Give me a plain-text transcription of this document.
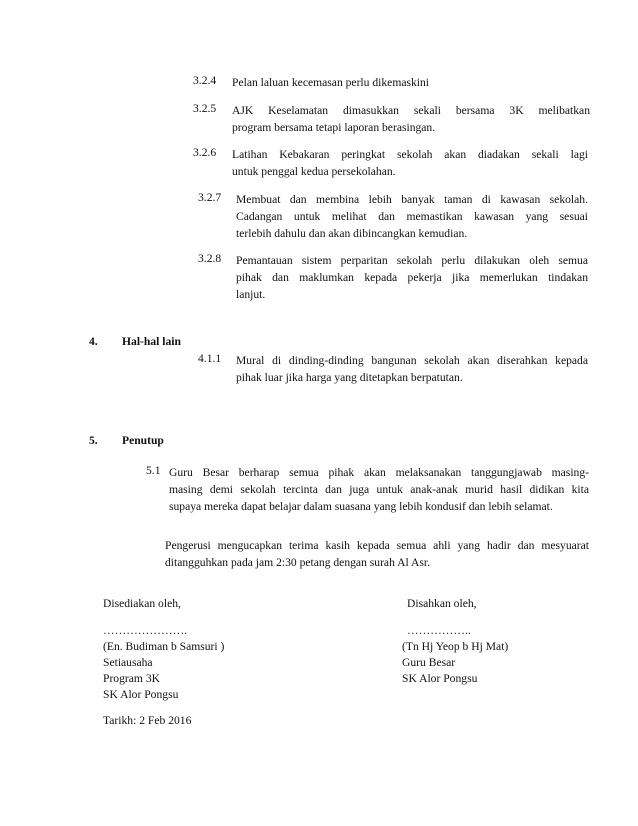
3.2.4 Pelan laluan kecemasan perlu dikemaskini
3.2.5 AJK Keselamatan dimasukkan sekali bersama 3K melibatkan
program bersama tetapi laporan berasingan.
3.2.6 Latihan Kebakaran peringkat sekolah akan diadakan sekali lagi
untuk penggal kedua persekolahan.
3.2.7 Membuat dan membina lebih banyak taman di kawasan sekolah.
Cadangan untuk melihat dan memastikan kawasan yang sesuai
terlebih dahulu dan akan dibincangkan kemudian.
3.2.8 Pemantauan sistem perparitan sekolah perlu dilakukan oleh semua
pihak dan maklumkan kepada pekerja jika memerlukan tindakan
lanjut.
4. Hal-hal lain
4.1.1 Mural di dinding-dinding bangunan sekolah akan diserahkan kepada
pihak luar jika harga yang ditetapkan berpatutan.
5. Penutup
5.1 Guru Besar berharap semua pihak akan melaksanakan tanggungjawab masing-
masing demi sekolah tercinta dan juga untuk anak-anak murid hasil didikan kita
supaya mereka dapat belajar dalam suasana yang lebih kondusif dan lebih selamat.
Pengerusi mengucapkan terima kasih kepada semua ahli yang hadir dan mesyuarat
ditangguhkan pada jam 2:30 petang dengan surah Al Asr.
Disediakan oleh,
………………….
(En. Budiman b Samsuri )
Setiausaha
Program 3K
SK Alor Pongsu
Tarikh: 2 Feb 2016
Disahkan oleh,
……………..
(Tn Hj Yeop b Hj Mat)
Guru Besar
SK Alor Pongsu
